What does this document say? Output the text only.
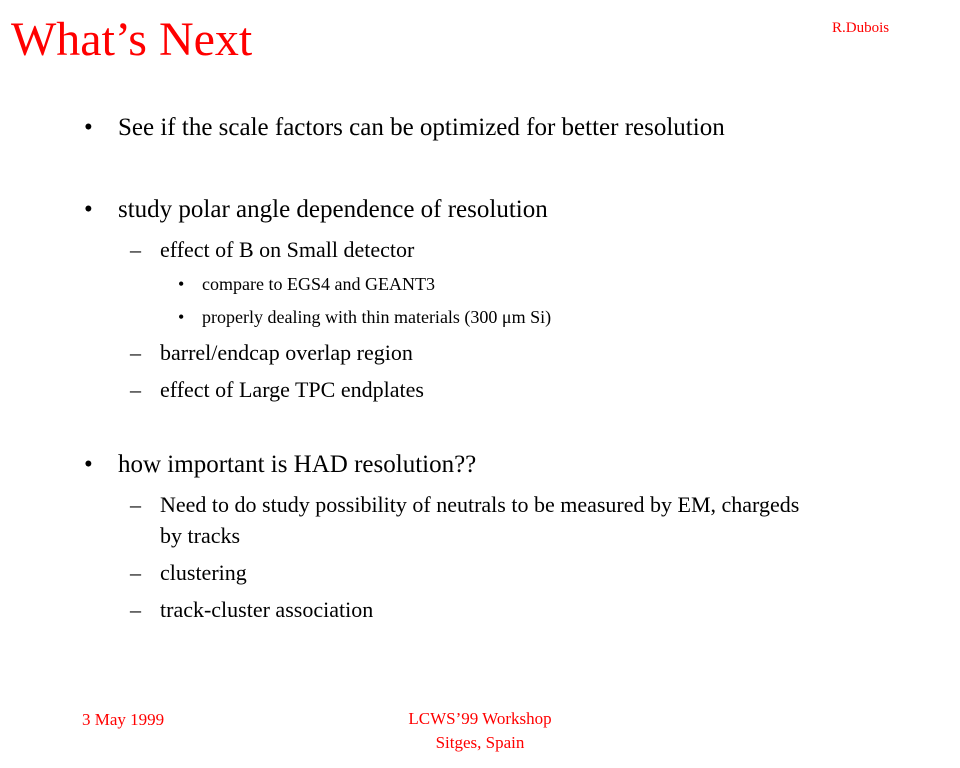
What’s Next	R.Dubois
• See if the scale factors can be optimized for better resolution
• study polar angle dependence of resolution
– effect of B on Small detector
• compare to EGS4 and GEANT3
• properly dealing with thin materials (300 μm Si)
– barrel/endcap overlap region
– effect of Large TPC endplates
• how important is HAD resolution??
– Need to do study possibility of neutrals to be measured by EM, chargeds
by tracks
– clustering
– track-cluster association
3 May 1999	LCWS’99 Workshop
Sitges, Spain
